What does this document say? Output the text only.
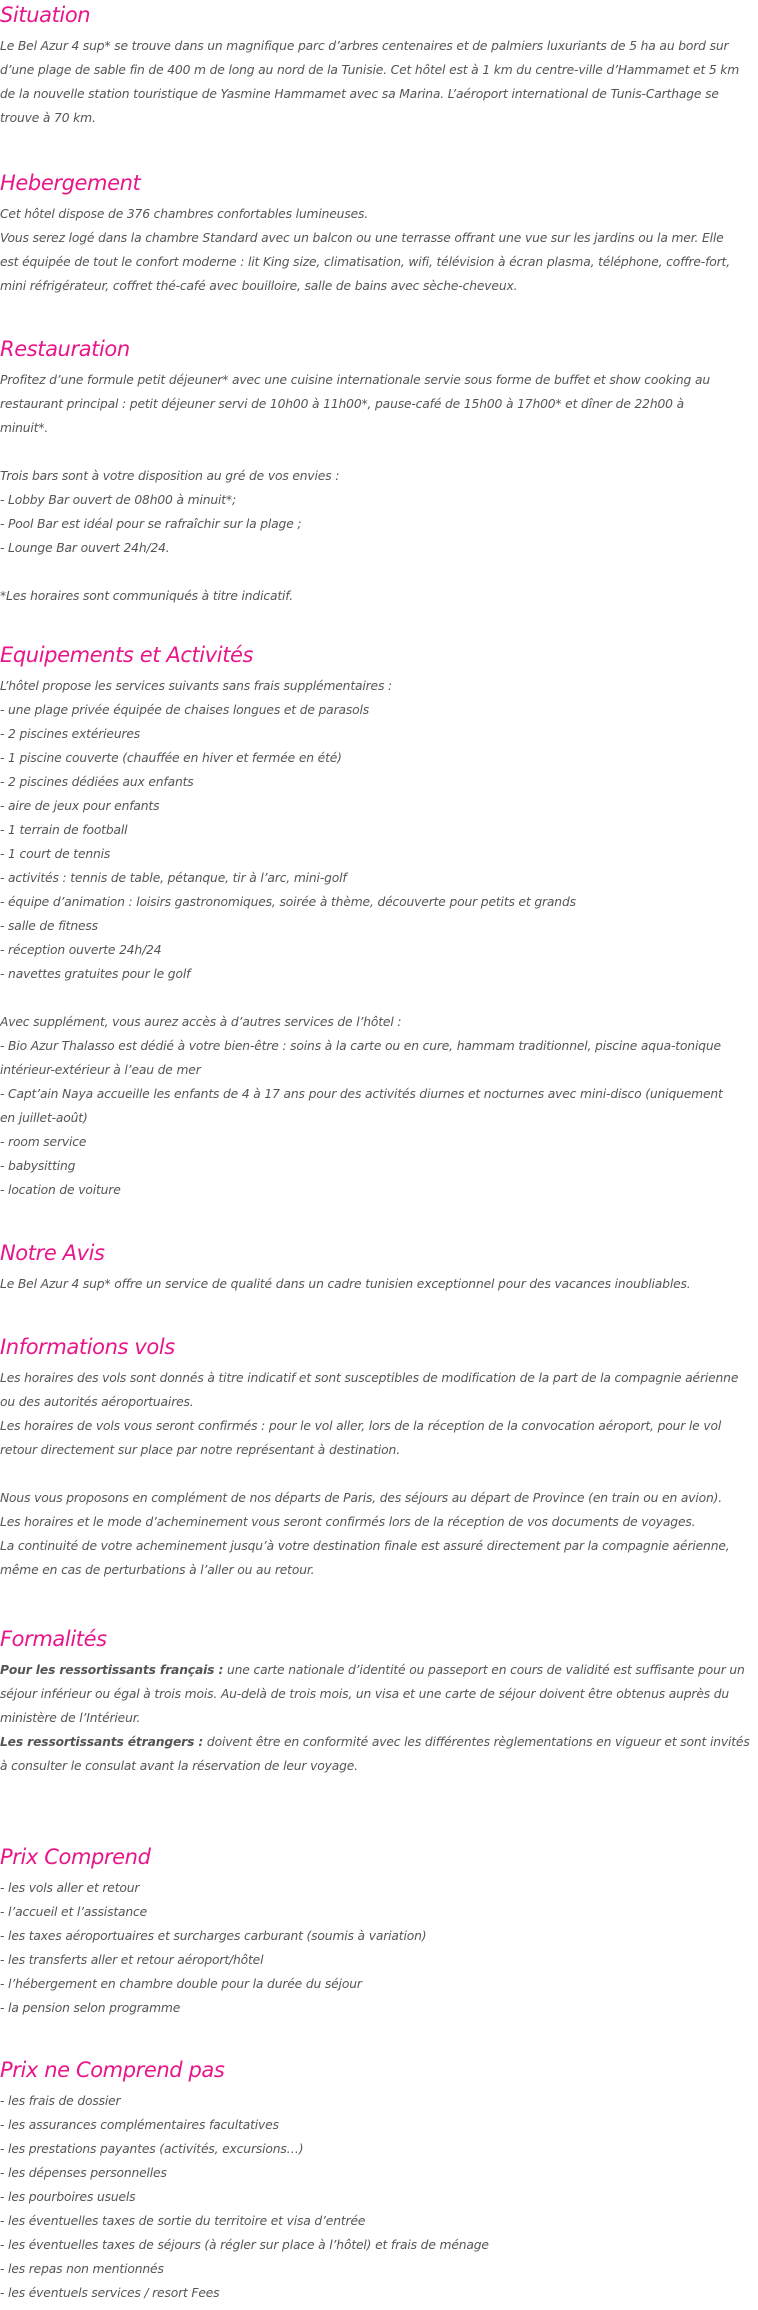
Situation

Le Bel Azur 4 sup* se trouve dans un magnifique parc d’arbres centenaires et de palmiers luxuriants de 5 ha au bord sur

d’une plage de sable fin de 400 m de long au nord de la Tunisie. Cet hôtel est à 1 km du centre-ville d’Hammamet et 5 km

de la nouvelle station touristique de Yasmine Hammamet avec sa Marina. L’aéroport international de Tunis-Carthage se

trouve à 70 km.

Hebergement

Cet hôtel dispose de 376 chambres confortables lumineuses.

Vous serez logé dans la chambre Standard avec un balcon ou une terrasse offrant une vue sur les jardins ou la mer. Elle

est équipée de tout le confort moderne : lit King size, climatisation, wifi, télévision à écran plasma, téléphone, coffre-fort,

mini réfrigérateur, coffret thé-café avec bouilloire, salle de bains avec sèche-cheveux.

Restauration

Profitez d’une formule petit déjeuner* avec une cuisine internationale servie sous forme de buffet et show cooking au

restaurant principal : petit déjeuner servi de 10h00 à 11h00*, pause-café de 15h00 à 17h00* et dîner de 22h00 à

minuit*.

Trois bars sont à votre disposition au gré de vos envies :

- Lobby Bar ouvert de 08h00 à minuit*;

- Pool Bar est idéal pour se rafraîchir sur la plage ;

- Lounge Bar ouvert 24h/24.

*Les horaires sont communiqués à titre indicatif.

Equipements et Activités

L’hôtel propose les services suivants sans frais supplémentaires :

- une plage privée équipée de chaises longues et de parasols

- 2 piscines extérieures

- 1 piscine couverte (chauffée en hiver et fermée en été)

- 2 piscines dédiées aux enfants

- aire de jeux pour enfants

- 1 terrain de football

- 1 court de tennis

- activités : tennis de table, pétanque, tir à l’arc, mini-golf

- équipe d’animation : loisirs gastronomiques, soirée à thème, découverte pour petits et grands

- salle de fitness

- réception ouverte 24h/24

- navettes gratuites pour le golf

Avec supplément, vous aurez accès à d’autres services de l’hôtel :

- Bio Azur Thalasso est dédié à votre bien-être : soins à la carte ou en cure, hammam traditionnel, piscine aqua-tonique

intérieur-extérieur à l’eau de mer

- Capt’ain Naya accueille les enfants de 4 à 17 ans pour des activités diurnes et nocturnes avec mini-disco (uniquement

en juillet-août)

- room service

- babysitting

- location de voiture

Notre Avis

Le Bel Azur 4 sup* offre un service de qualité dans un cadre tunisien exceptionnel pour des vacances inoubliables.

Informations vols

Les horaires des vols sont donnés à titre indicatif et sont susceptibles de modification de la part de la compagnie aérienne

ou des autorités aéroportuaires.

Les horaires de vols vous seront confirmés : pour le vol aller, lors de la réception de la convocation aéroport, pour le vol

retour directement sur place par notre représentant à destination.

Nous vous proposons en complément de nos départs de Paris, des séjours au départ de Province (en train ou en avion).

Les horaires et le mode d’acheminement vous seront confirmés lors de la réception de vos documents de voyages.

La continuité de votre acheminement jusqu’à votre destination finale est assuré directement par la compagnie aérienne,

même en cas de perturbations à l’aller ou au retour.

Formalités

Pour les ressortissants français : une carte nationale d’identité ou passeport en cours de validité est suffisante pour un

séjour inférieur ou égal à trois mois. Au-delà de trois mois, un visa et une carte de séjour doivent être obtenus auprès du

ministère de l’Intérieur.

Les ressortissants étrangers : doivent être en conformité avec les différentes règlementations en vigueur et sont invités

à consulter le consulat avant la réservation de leur voyage.

Prix Comprend

- les vols aller et retour

- l’accueil et l’assistance

- les taxes aéroportuaires et surcharges carburant (soumis à variation)

- les transferts aller et retour aéroport/hôtel

- l’hébergement en chambre double pour la durée du séjour

- la pension selon programme

Prix ne Comprend pas

- les frais de dossier

- les assurances complémentaires facultatives

- les prestations payantes (activités, excursions…)

- les dépenses personnelles

- les pourboires usuels

- les éventuelles taxes de sortie du territoire et visa d’entrée

- les éventuelles taxes de séjours (à régler sur place à l’hôtel) et frais de ménage

- les repas non mentionnés

- les éventuels services / resort Fees
